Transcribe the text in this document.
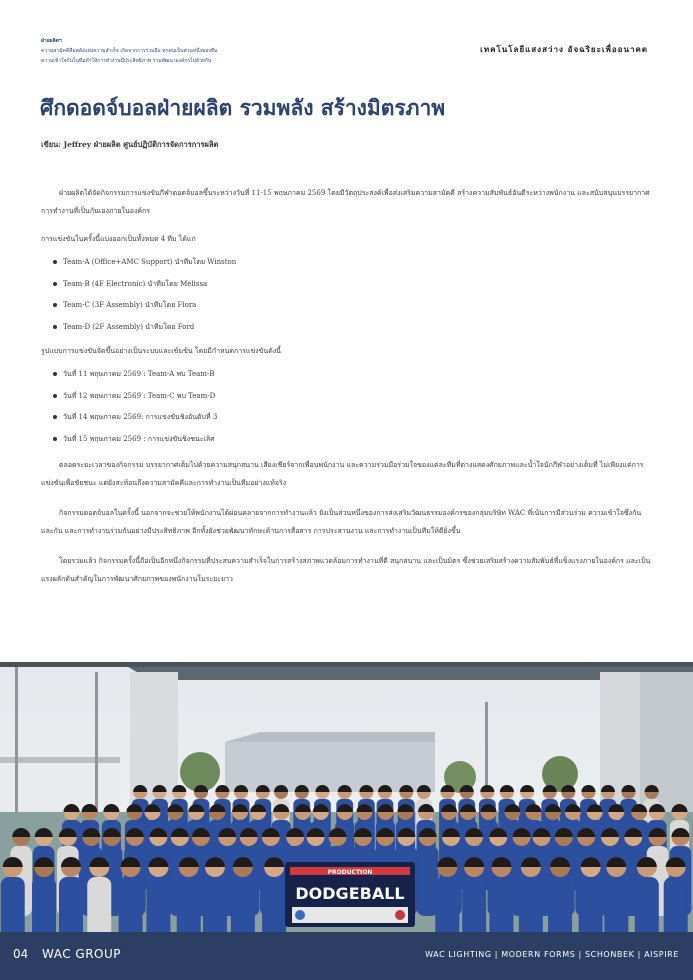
ฝ่ายผลิตฯ
ความสามัคคีคือพลังแห่งความสำเร็จ เกิดจากการร่วมมือ ทุกคนเป็นส่วนหนึ่งของทีม
ความเข้าใจกันในทีมทำให้การทำงานมีประสิทธิภาพ ร่วมพัฒนาองค์กรไปด้วยกัน
เทคโนโลยีแสงสว่าง อัจฉริยะเพื่ออนาคต
ศึกดอดจ์บอลฝ่ายผลิต รวมพลัง สร้างมิตรภาพ
เขียน: Jeffrey ฝ่ายผลิต ศูนย์ปฏิบัติการจัดการการผลิต

ฝ่ายผลิตได้จัดกิจกรรมการแข่งขันกีฬาดอดจ์บอลขึ้นระหว่างวันที่ 11-15 พฤษภาคม 2569 โดยมีวัตถุประสงค์เพื่อส่งเสริมความสามัคคี สร้างความสัมพันธ์อันดีระหว่างพนักงาน และสนับสนุนบรรยากาศการทำงานที่เป็นกันเองภายในองค์กร

การแข่งขันในครั้งนี้แบ่งออกเป็นทั้งหมด 4 ทีม ได้แก่

Team-A (Office+AMC Support) นำทีมโดย Winston
Team-B (4F Electronic) นำทีมโดย Melissa
Team-C (3F Assembly) นำทีมโดย Flora
Team-D (2F Assembly) นำทีมโดย Ford

รูปแบบการแข่งขันจัดขึ้นอย่างเป็นระบบและเข้มข้น โดยมีกำหนดการแข่งขันดังนี้

วันที่ 11 พฤษภาคม 2569 : Team-A พบ Team-B
วันที่ 12 พฤษภาคม 2569 : Team-C พบ Team-D
วันที่ 14 พฤษภาคม 2569: การแข่งขันชิงอันดับที่ 3
วันที่ 15 พฤษภาคม 2569 : การแข่งขันชิงชนะเลิศ

ตลอดระยะเวลาของกิจกรรม บรรยากาศเต็มไปด้วยความสนุกสนาน เสียงเชียร์จากเพื่อนพนักงาน และความร่วมมือร่วมใจของแต่ละทีมที่ต่างแสดงศักยภาพและน้ำใจนักกีฬาอย่างเต็มที่ ไม่เพียงแต่การแข่งขันเพื่อชัยชนะ แต่ยังสะท้อนถึงความสามัคคีและการทำงานเป็นทีมอย่างแท้จริง

กิจกรรมดอดจ์บอลในครั้งนี้ นอกจากจะช่วยให้พนักงานได้ผ่อนคลายจากการทำงานแล้ว ยังเป็นส่วนหนึ่งของการส่งเสริมวัฒนธรรมองค์กรของกลุ่มบริษัท WAC ที่เน้นการมีส่วนร่วม ความเข้าใจซึ่งกันและกัน และการทำงานร่วมกันอย่างมีประสิทธิภาพ อีกทั้งยังช่วยพัฒนาทักษะด้านการสื่อสาร การประสานงาน และการทำงานเป็นทีมให้ดียิ่งขึ้น

โดยรวมแล้ว กิจกรรมครั้งนี้ถือเป็นอีกหนึ่งกิจกรรมที่ประสบความสำเร็จในการสร้างสภาพแวดล้อมการทำงานที่ดี สนุกสนาน และเป็นมิตร ซึ่งช่วยเสริมสร้างความสัมพันธ์ที่แข็งแรงภายในองค์กร และเป็นแรงผลักดันสำคัญในการพัฒนาศักยภาพของพนักงานในระยะยาว

PRODUCTION
DODGEBALL
04 WAC GROUP	WAC LIGHTING | MODERN FORMS | SCHONBEK | AISPIRE
